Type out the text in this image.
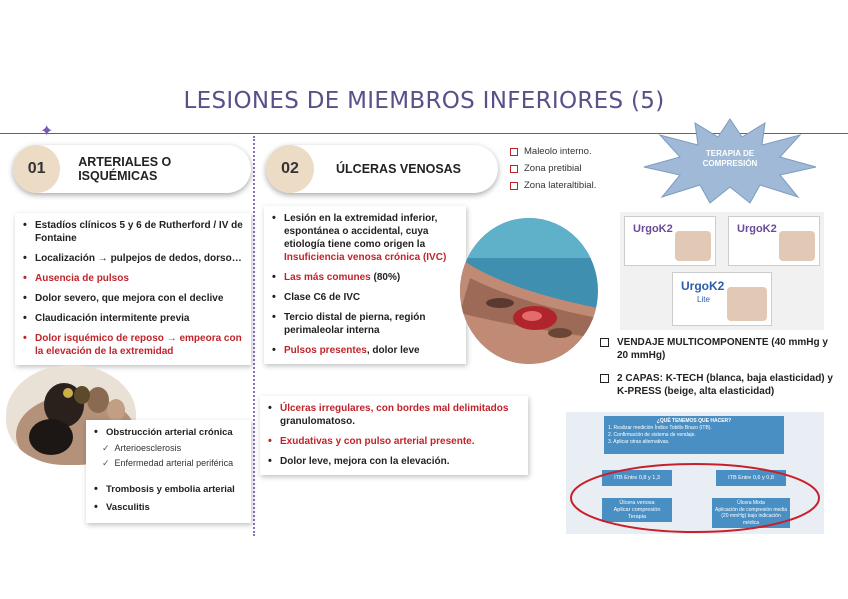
LESIONES DE MIEMBROS INFERIORES (5)
✦
01	ARTERIALES O ISQUÉMICAS
• Estadíos clínicos 5 y 6 de Rutherford / IV de Fontaine
• Localización → pulpejos de dedos, dorso…
• Ausencia de pulsos
• Dolor severo, que mejora con el declive
• Claudicación intermitente previa
• Dolor isquémico de reposo → empeora con la elevación de la extremidad
• Obstrucción arterial crónica
✓ Arterioesclerosis
✓ Enfermedad arterial periférica
• Trombosis y embolia arterial
• Vasculitis
02	ÚLCERAS VENOSAS
Maleolo interno.
Zona pretibial
Zona lateraltibial.
• Lesión en la extremidad inferior, espontánea o accidental, cuya etiología tiene como origen la Insuficiencia venosa crónica (IVC)
• Las más comunes (80%)
• Clase C6 de IVC
• Tercio distal de pierna, región perimaleolar interna
• Pulsos presentes, dolor leve
• Úlceras irregulares, con bordes mal delimitados granulomatoso.
• Exudativas y con pulso arterial presente.
• Dolor leve, mejora con la elevación.
TERAPIA DE COMPRESIÓN
UrgoK2	UrgoK2
UrgoK2
Lite
VENDAJE MULTICOMPONENTE (40 mmHg y 20 mmHg)
2 CAPAS: K-TECH (blanca, baja elasticidad) y K-PRESS (beige, alta elasticidad)
¿QUÉ TENEMOS QUE HACER?
1. Realizar medición Índice Tobillo Brazo (ITB).
2. Confirmación de sistema de vendaje.
3. Aplicar otras alternativas.
ITB Entre 0,8 y 1,3	ITB Entre 0,6 y 0,8
Úlcera venosa
Aplicar compresión
Terapia
Úlcera Mixta
Aplicación de compresión media (20 mmHg) bajo indicación médica
